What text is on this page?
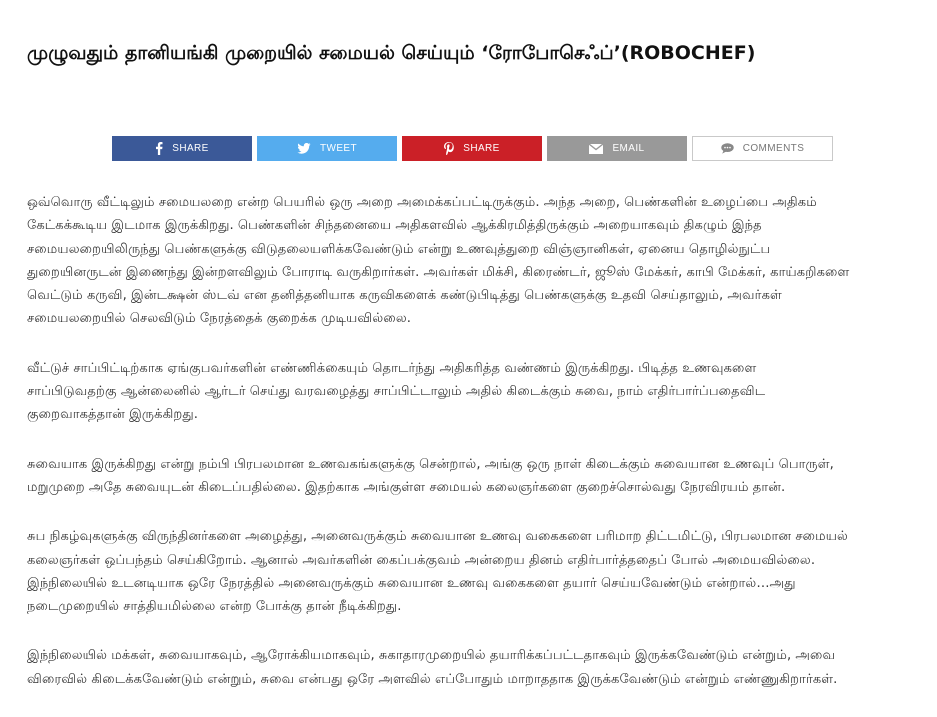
முழுவதும் தானியங்கி முறையில் சமையல் செய்யும் ‘ரோபோசெஃப்’(ROBOCHEF)
SHARE	TWEET	SHARE	EMAIL	COMMENTS

ஒவ்வொரு வீட்டிலும் சமையலறை என்ற பெயரில் ஒரு அறை அமைக்கப்பட்டிருக்கும். அந்த அறை, பெண்களின் உழைப்பை அதிகம்
கேட்கக்கூடிய இடமாக இருக்கிறது. பெண்களின் சிந்தனையை அதிகளவில் ஆக்கிரமித்திருக்கும் அறையாகவும் திகழும் இந்த
சமையலறையிலிருந்து பெண்களுக்கு விடுதலையளிக்கவேண்டும் என்று உணவுத்துறை விஞ்ஞானிகள், ஏனைய தொழில்நுட்ப
துறையினருடன் இணைந்து இன்றளவிலும் போராடி வருகிறார்கள். அவர்கள் மிக்சி, கிரைண்டர், ஜூஸ் மேக்கர், காபி மேக்கர், காய்கறிகளை
வெட்டும் கருவி, இன்டக்ஷன் ஸ்டவ் என தனித்தனியாக கருவிகளைக் கண்டுபிடித்து பெண்களுக்கு உதவி செய்தாலும், அவர்கள்
சமையலறையில் செலவிடும் நேரத்தைக் குறைக்க முடியவில்லை.

வீட்டுச் சாப்பிட்டிற்காக ஏங்குபவர்களின் எண்ணிக்கையும் தொடர்ந்து அதிகரித்த வண்ணம் இருக்கிறது. பிடித்த உணவுகளை
சாப்பிடுவதற்கு ஆன்லைனில் ஆர்டர் செய்து வரவழைத்து சாப்பிட்டாலும் அதில் கிடைக்கும் சுவை, நாம் எதிர்பார்ப்பதைவிட
குறைவாகத்தான் இருக்கிறது.

சுவையாக இருக்கிறது என்று நம்பி பிரபலமான உணவகங்களுக்கு சென்றால், அங்கு ஒரு நாள் கிடைக்கும் சுவையான உணவுப் பொருள்,
மறுமுறை அதே சுவையுடன் கிடைப்பதில்லை. இதற்காக அங்குள்ள சமையல் கலைஞர்களை குறைச்சொல்வது நேரவிரயம் தான்.

சுப நிகழ்வுகளுக்கு விருந்தினர்களை அழைத்து, அனைவருக்கும் சுவையான உணவு வகைகளை பரிமாற திட்டமிட்டு, பிரபலமான சமையல்
கலைஞர்கள் ஒப்பந்தம் செய்கிறோம். ஆனால் அவர்களின் கைப்பக்குவம் அன்றைய தினம் எதிர்பார்த்ததைப் போல் அமையவில்லை.
இந்நிலையில் உடனடியாக ஒரே நேரத்தில் அனைவருக்கும் சுவையான உணவு வகைகளை தயார் செய்யவேண்டும் என்றால்…அது
நடைமுறையில் சாத்தியமில்லை என்ற போக்கு தான் நீடிக்கிறது.

இந்நிலையில் மக்கள், சுவையாகவும், ஆரோக்கியமாகவும், சுகாதாரமுறையில் தயாரிக்கப்பட்டதாகவும் இருக்கவேண்டும் என்றும், அவை
விரைவில் கிடைக்கவேண்டும் என்றும், சுவை என்பது ஒரே அளவில் எப்போதும் மாறாததாக இருக்கவேண்டும் என்றும் எண்ணுகிறார்கள்.
